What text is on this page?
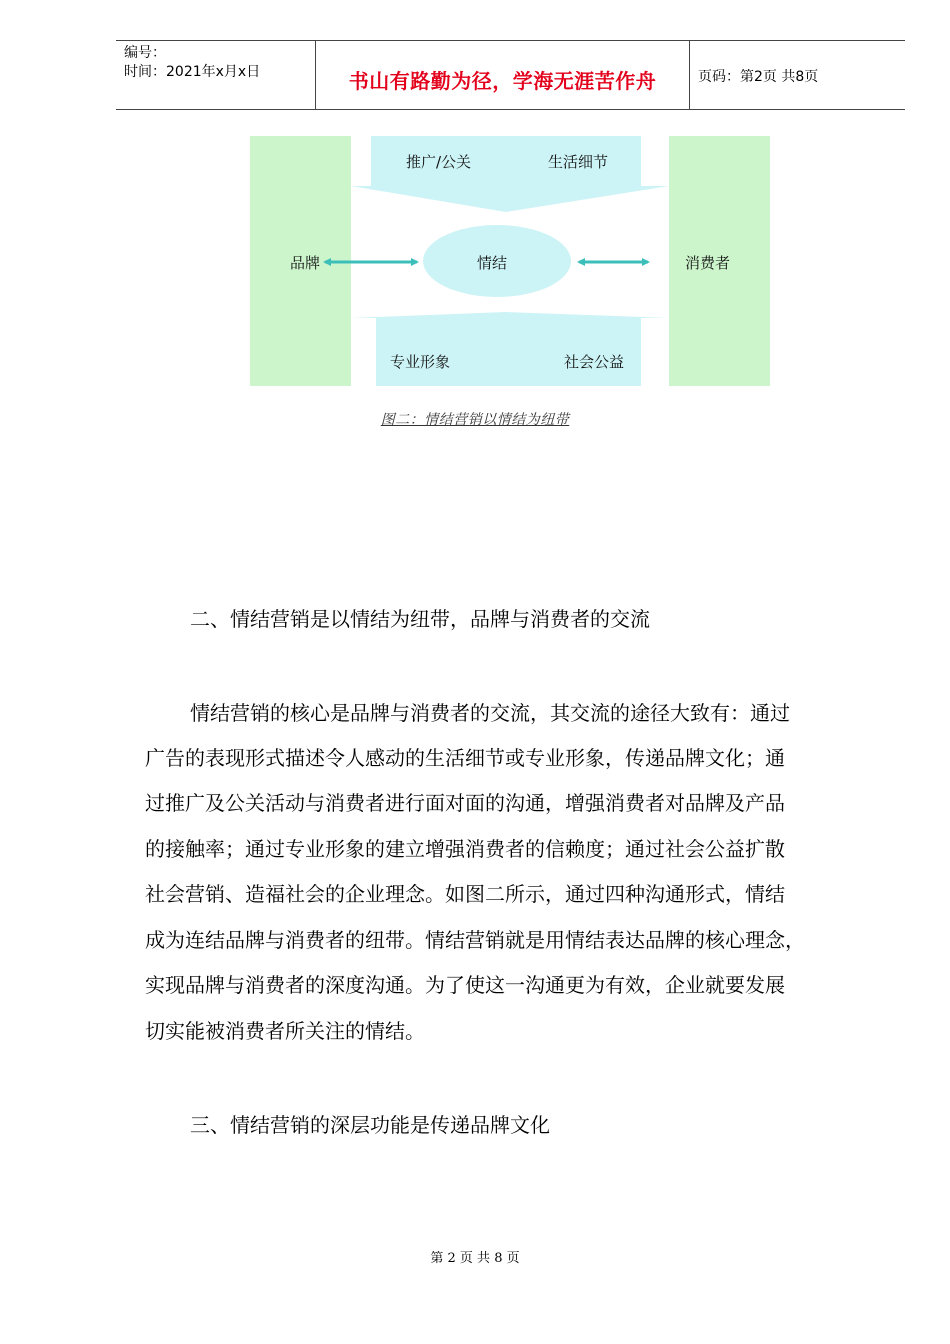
编号：
时间：2021年x月x日	书山有路勤为径，学海无涯苦作舟	页码：第2页 共8页
推广/公关	生活细节
品牌	情结	消费者
专业形象	社会公益
图二：情结营销以情结为纽带
二、情结营销是以情结为纽带，品牌与消费者的交流
情结营销的核心是品牌与消费者的交流，其交流的途径大致有：通过
广告的表现形式描述令人感动的生活细节或专业形象，传递品牌文化；通
过推广及公关活动与消费者进行面对面的沟通，增强消费者对品牌及产品
的接触率；通过专业形象的建立增强消费者的信赖度；通过社会公益扩散
社会营销、造福社会的企业理念。如图二所示，通过四种沟通形式，情结
成为连结品牌与消费者的纽带。情结营销就是用情结表达品牌的核心理念，
实现品牌与消费者的深度沟通。为了使这一沟通更为有效，企业就要发展
切实能被消费者所关注的情结。
三、情结营销的深层功能是传递品牌文化
第 2 页 共 8 页
